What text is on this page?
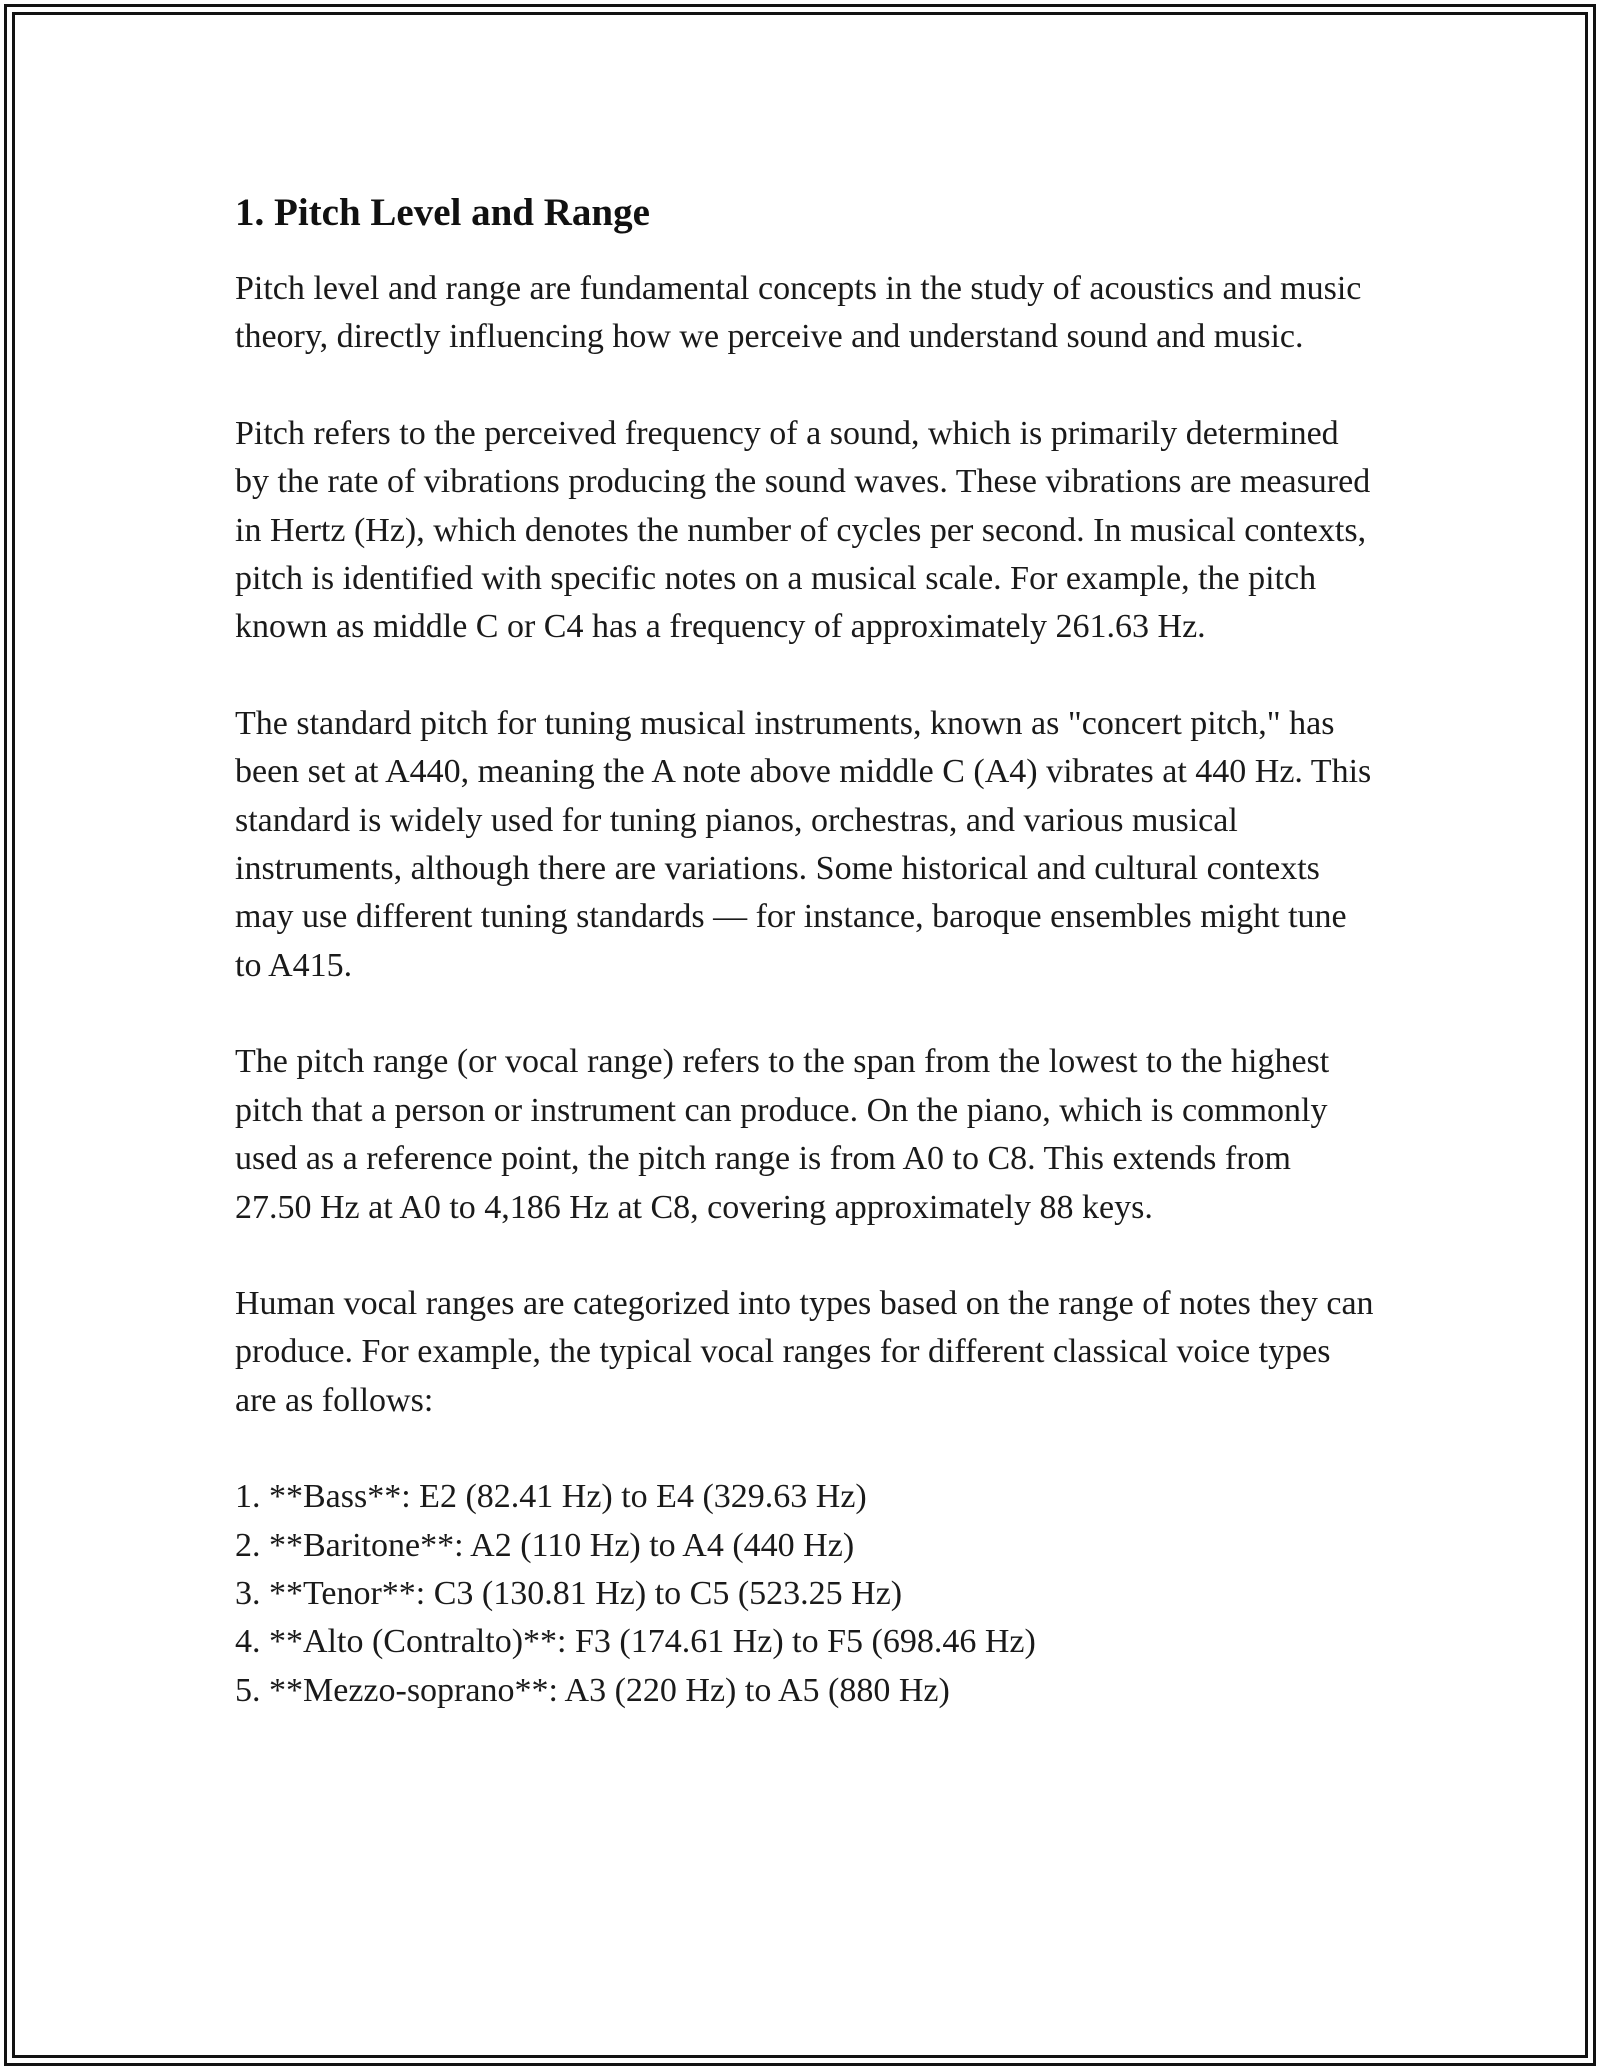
1. Pitch Level and Range

Pitch level and range are fundamental concepts in the study of acoustics and music theory, directly influencing how we perceive and understand sound and music.

Pitch refers to the perceived frequency of a sound, which is primarily determined by the rate of vibrations producing the sound waves. These vibrations are measured in Hertz (Hz), which denotes the number of cycles per second. In musical contexts, pitch is identified with specific notes on a musical scale. For example, the pitch known as middle C or C4 has a frequency of approximately 261.63 Hz.

The standard pitch for tuning musical instruments, known as "concert pitch," has been set at A440, meaning the A note above middle C (A4) vibrates at 440 Hz. This standard is widely used for tuning pianos, orchestras, and various musical instruments, although there are variations. Some historical and cultural contexts may use different tuning standards — for instance, baroque ensembles might tune to A415.

The pitch range (or vocal range) refers to the span from the lowest to the highest pitch that a person or instrument can produce. On the piano, which is commonly used as a reference point, the pitch range is from A0 to C8. This extends from 27.50 Hz at A0 to 4,186 Hz at C8, covering approximately 88 keys.

Human vocal ranges are categorized into types based on the range of notes they can produce. For example, the typical vocal ranges for different classical voice types are as follows:

1. **Bass**: E2 (82.41 Hz) to E4 (329.63 Hz)
2. **Baritone**: A2 (110 Hz) to A4 (440 Hz)
3. **Tenor**: C3 (130.81 Hz) to C5 (523.25 Hz)
4. **Alto (Contralto)**: F3 (174.61 Hz) to F5 (698.46 Hz)
5. **Mezzo-soprano**: A3 (220 Hz) to A5 (880 Hz)
